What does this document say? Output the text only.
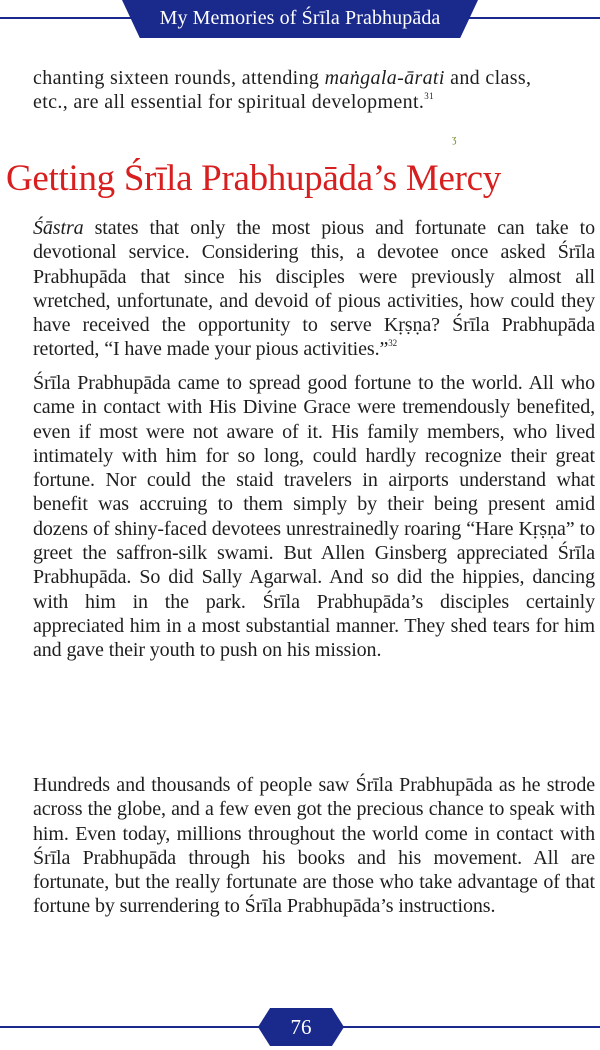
My Memories of Śrīla Prabhupāda

chanting sixteen rounds, attending maṅgala-ārati and class,

etc., are all essential for spiritual development.$^{31}$

ʒ
Getting Śrīla Prabhupāda’s Mercy

Śāstra states that only the most pious and fortunate can take to devotional service. Considering this, a devotee once asked Śrīla Prabhupāda that since his disciples were previously almost all wretched, unfortunate, and devoid of pious activities, how could they have received the opportunity to serve Kṛṣṇa? Śrīla Prabhupāda retorted, “I have made your pious activities.”$^{32}$

Śrīla Prabhupāda came to spread good fortune to the world. All who came in contact with His Divine Grace were tremendously benefited, even if most were not aware of it. His family members, who lived intimately with him for so long, could hardly recognize their great fortune. Nor could the staid travelers in airports understand what benefit was accruing to them simply by their being present amid dozens of shiny-faced devotees unrestrainedly roaring “Hare Kṛṣṇa” to greet the saffron-silk swami. But Allen Ginsberg appreciated Śrīla Prabhupāda. So did Sally Agarwal. And so did the hippies, dancing with him in the park. Śrīla Prabhupāda’s disciples certainly appreciated him in a most substantial manner. They shed tears for him and gave their youth to push on his mission.

Hundreds and thousands of people saw Śrīla Prabhupāda as he strode across the globe, and a few even got the precious chance to speak with him. Even today, millions throughout the world come in contact with Śrīla Prabhupāda through his books and his movement. All are fortunate, but the really fortunate are those who take advantage of that fortune by surrendering to Śrīla Prabhupāda’s instructions.

76
